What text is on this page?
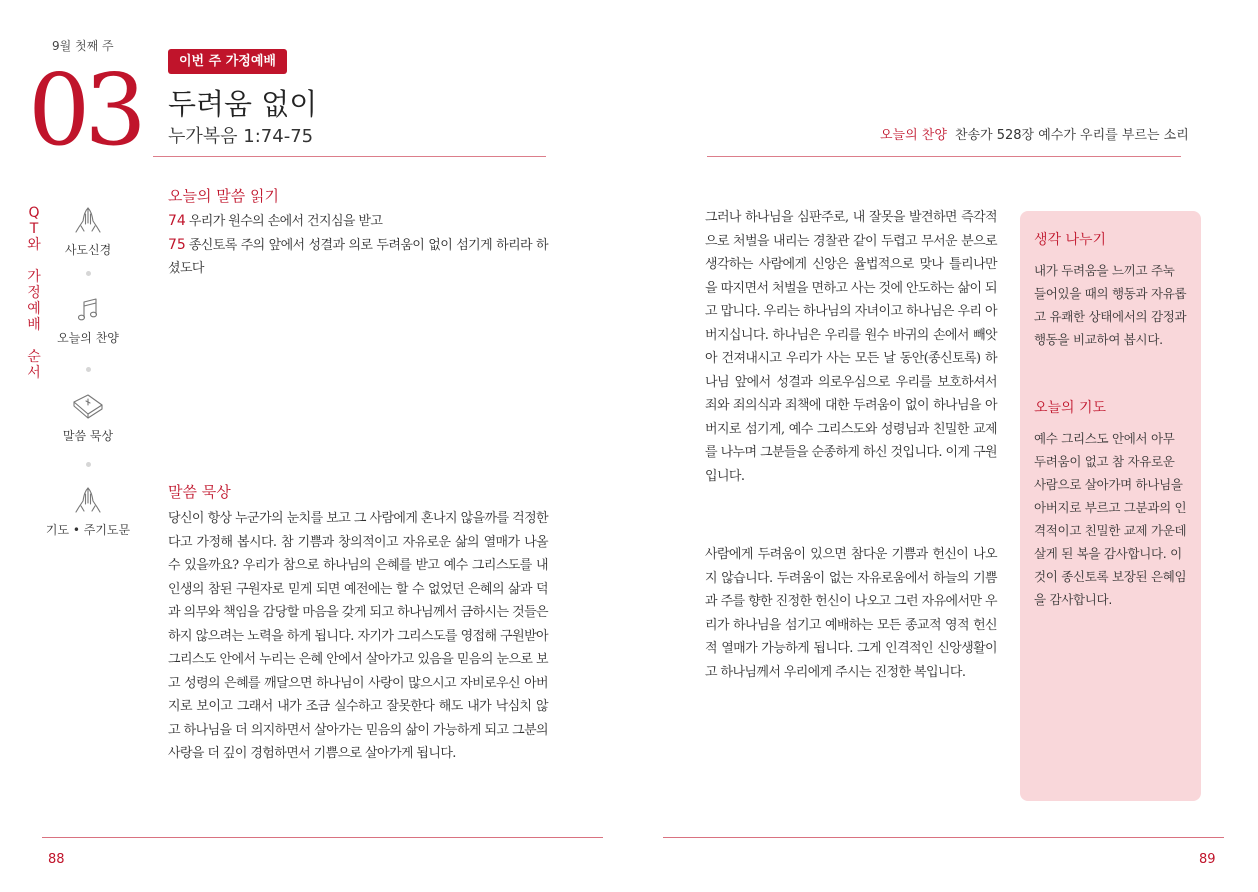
9월 첫째 주
03	이번 주 가정예배
두려움 없이
누가복음 1:74-75
Q
T
와
가
정
예
배
순
서
사도신경
오늘의 찬양
말씀 묵상
기도 • 주기도문
오늘의 말씀 읽기
74 우리가 원수의 손에서 건지심을 받고
75 종신토록 주의 앞에서 성결과 의로 두려움이 없이 섬기게 하리라 하셨도다
말씀 묵상
당신이 항상 누군가의 눈치를 보고 그 사람에게 혼나지 않을까를 걱정한다고 가정해 봅시다. 참 기쁨과 창의적이고 자유로운 삶의 열매가 나올 수 있을까요? 우리가 참으로 하나님의 은혜를 받고 예수 그리스도를 내 인생의 참된 구원자로 믿게 되면 예전에는 할 수 없었던 은혜의 삶과 덕과 의무와 책임을 감당할 마음을 갖게 되고 하나님께서 금하시는 것들은 하지 않으려는 노력을 하게 됩니다. 자기가 그리스도를 영접해 구원받아 그리스도 안에서 누리는 은혜 안에서 살아가고 있음을 믿음의 눈으로 보고 성령의 은혜를 깨달으면 하나님이 사랑이 많으시고 자비로우신 아버지로 보이고 그래서 내가 조금 실수하고 잘못한다 해도 내가 낙심치 않고 하나님을 더 의지하면서 살아가는 믿음의 삶이 가능하게 되고 그분의 사랑을 더 깊이 경험하면서 기쁨으로 살아가게 됩니다.
88
오늘의 찬양 찬송가 528장 예수가 우리를 부르는 소리
그러나 하나님을 심판주로, 내 잘못을 발견하면 즉각적으로 처벌을 내리는 경찰관 같이 두렵고 무서운 분으로 생각하는 사람에게 신앙은 율법적으로 맞나 틀리나만을 따지면서 처벌을 면하고 사는 것에 안도하는 삶이 되고 맙니다. 우리는 하나님의 자녀이고 하나님은 우리 아버지십니다. 하나님은 우리를 원수 바귀의 손에서 빼앗아 건져내시고 우리가 사는 모든 날 동안(종신토록) 하나님 앞에서 성결과 의로우심으로 우리를 보호하셔서 죄와 죄의식과 죄책에 대한 두려움이 없이 하나님을 아버지로 섬기게, 예수 그리스도와 성령님과 친밀한 교제를 나누며 그분들을 순종하게 하신 것입니다. 이게 구원입니다.
사람에게 두려움이 있으면 참다운 기쁨과 헌신이 나오지 않습니다. 두려움이 없는 자유로움에서 하늘의 기쁨과 주를 향한 진정한 헌신이 나오고 그런 자유에서만 우리가 하나님을 섬기고 예배하는 모든 종교적 영적 헌신적 열매가 가능하게 됩니다. 그게 인격적인 신앙생활이고 하나님께서 우리에게 주시는 진정한 복입니다.
생각 나누기
내가 두려움을 느끼고 주눅 들어있을 때의 행동과 자유롭고 유쾌한 상태에서의 감정과 행동을 비교하여 봅시다.
오늘의 기도
예수 그리스도 안에서 아무 두려움이 없고 참 자유로운 사람으로 살아가며 하나님을 아버지로 부르고 그분과의 인격적이고 친밀한 교제 가운데 살게 된 복을 감사합니다. 이것이 종신토록 보장된 은혜임을 감사합니다.
89
